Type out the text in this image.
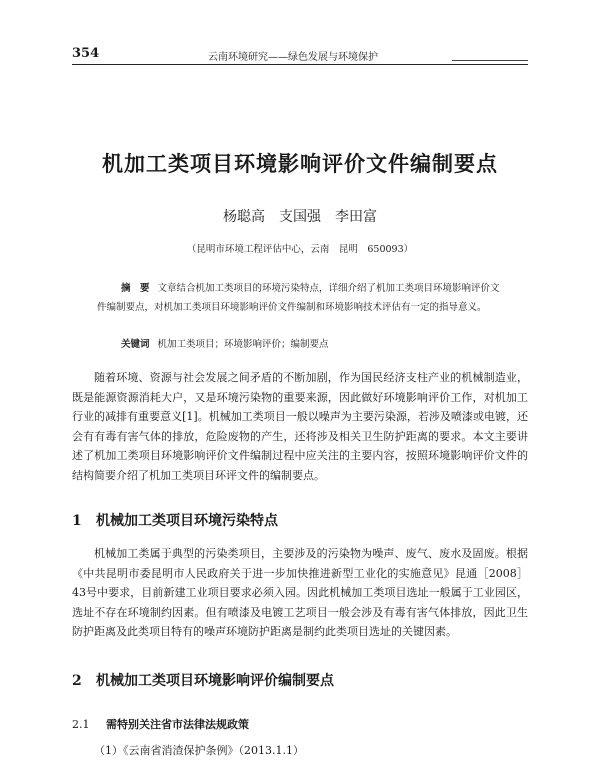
354	云南环境研究——绿色发展与环境保护
机加工类项目环境影响评价文件编制要点
杨聪高　支国强　李田富
（昆明市环境工程评估中心，云南　昆明　650093）
摘　要 文章结合机加工类项目的环境污染特点，详细介绍了机加工类项目环境影响评价文件编制要点，对机加工类项目环境影响评价文件编制和环境影响技术评估有一定的指导意义。
关键词 机加工类项目；环境影响评价；编制要点
随着环境、资源与社会发展之间矛盾的不断加剧，作为国民经济支柱产业的机械制造业，既是能源资源消耗大户，又是环境污染物的重要来源，因此做好环境影响评价工作，对机加工行业的减排有重要意义[1]。机械加工类项目一般以噪声为主要污染源，若涉及喷漆或电镀，还会有有毒有害气体的排放，危险废物的产生，还将涉及相关卫生防护距离的要求。本文主要讲述了机加工类项目环境影响评价文件编制过程中应关注的主要内容，按照环境影响评价文件的结构简要介绍了机加工类项目环评文件的编制要点。
1 机械加工类项目环境污染特点
机械加工类属于典型的污染类项目，主要涉及的污染物为噪声、废气、废水及固废。根据《中共昆明市委昆明市人民政府关于进一步加快推进新型工业化的实施意见》昆通［2008］43号中要求，目前新建工业项目要求必须入园。因此机械加工类项目选址一般属于工业园区，选址不存在环境制约因素。但有喷漆及电镀工艺项目一般会涉及有毒有害气体排放，因此卫生防护距离及此类项目特有的噪声环境防护距离是制约此类项目选址的关键因素。
2 机械加工类项目环境影响评价编制要点
2.1 需特别关注省市法律法规政策
（1）《云南省消渣保护条例》（2013.1.1）
